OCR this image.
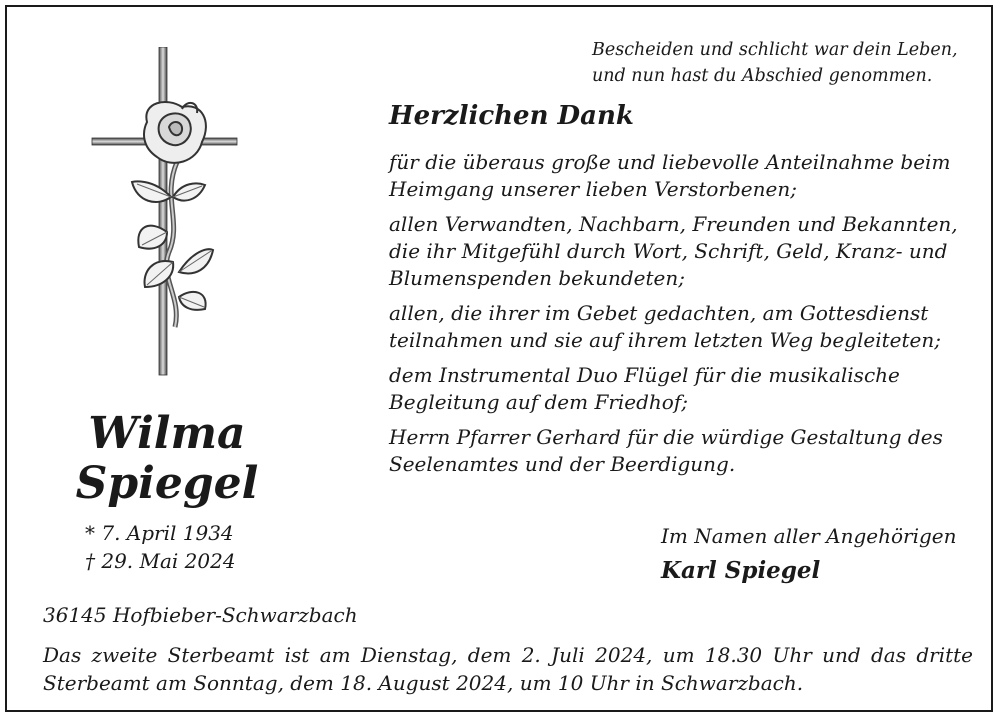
Bescheiden und schlicht war dein Leben,
und nun hast du Abschied genommen.
Herzlichen Dank

für die überaus große und liebevolle Anteilnahme beim
Heimgang unserer lieben Verstorbenen;

allen Verwandten, Nachbarn, Freunden und Bekannten,
die ihr Mitgefühl durch Wort, Schrift, Geld, Kranz- und
Blumenspenden bekundeten;

allen, die ihrer im Gebet gedachten, am Gottesdienst
teilnahmen und sie auf ihrem letzten Weg begleiteten;

dem Instrumental Duo Flügel für die musikalische
Begleitung auf dem Friedhof;

Herrn Pfarrer Gerhard für die würdige Gestaltung des
Seelenamtes und der Beerdigung.

Wilma
Spiegel
* 7. April 1934
† 29. Mai 2024
Im Namen aller Angehörigen
Karl Spiegel
36145 Hofbieber-Schwarzbach
Das zweite Sterbeamt ist am Dienstag, dem 2. Juli 2024, um 18.30 Uhr und das dritte Sterbeamt am Sonntag, dem 18. August 2024, um 10 Uhr in Schwarzbach.
